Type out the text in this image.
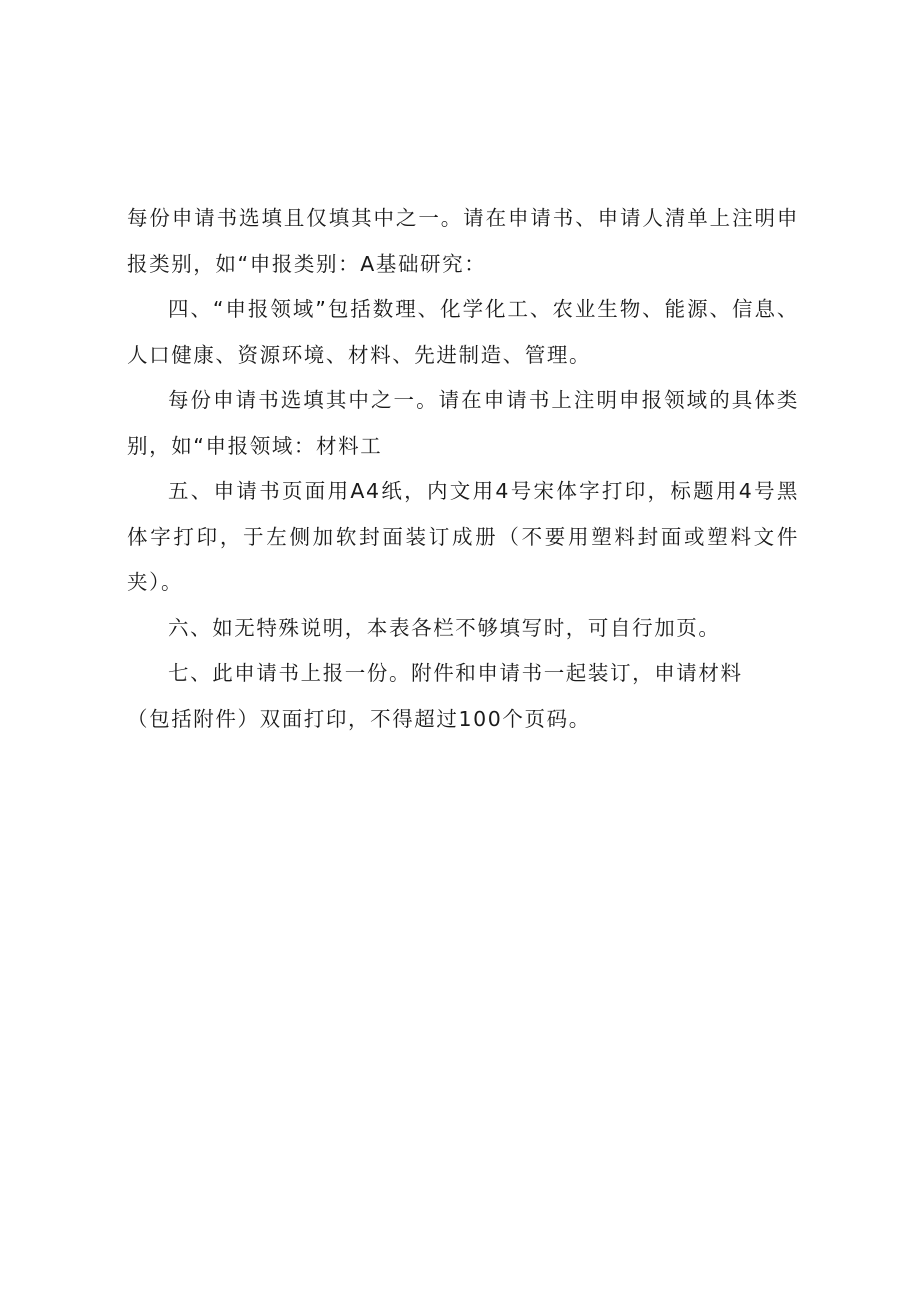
每份申请书选填且仅填其中之一。请在申请书、申请人清单上注明申报类别，如“申报类别：A基础研究：

四、“申报领域”包括数理、化学化工、农业生物、能源、信息、人口健康、资源环境、材料、先进制造、管理。

每份申请书选填其中之一。请在申请书上注明申报领域的具体类别，如“申报领域：材料工

五、申请书页面用A4纸，内文用4号宋体字打印，标题用4号黑体字打印，于左侧加软封面装订成册（不要用塑料封面或塑料文件夹）。

六、如无特殊说明，本表各栏不够填写时，可自行加页。

七、此申请书上报一份。附件和申请书一起装订，申请材料

（包括附件）双面打印，不得超过100个页码。
